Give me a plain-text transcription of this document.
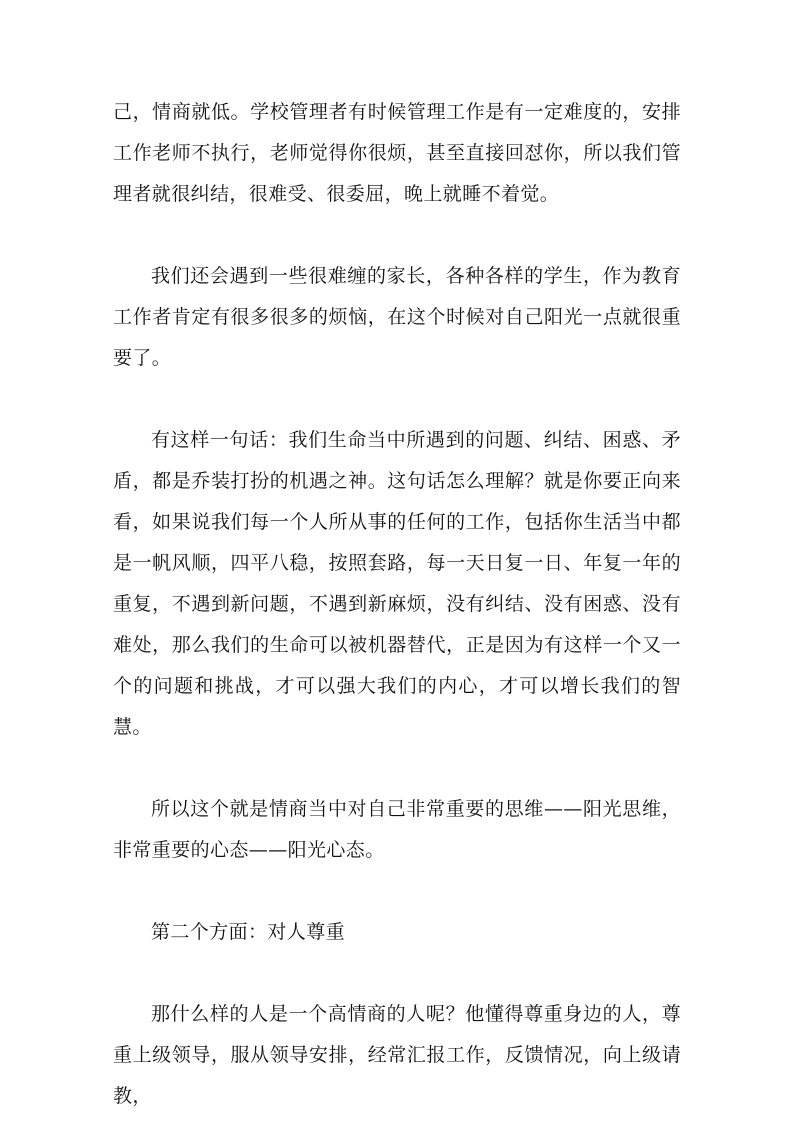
己，情商就低。学校管理者有时候管理工作是有一定难度的，安排工作老师不执行，老师觉得你很烦，甚至直接回怼你，所以我们管理者就很纠结，很难受、很委屈，晚上就睡不着觉。

我们还会遇到一些很难缠的家长，各种各样的学生，作为教育工作者肯定有很多很多的烦恼，在这个时候对自己阳光一点就很重要了。

有这样一句话：我们生命当中所遇到的问题、纠结、困惑、矛盾，都是乔装打扮的机遇之神。这句话怎么理解？就是你要正向来看，如果说我们每一个人所从事的任何的工作，包括你生活当中都是一帆风顺，四平八稳，按照套路，每一天日复一日、年复一年的重复，不遇到新问题，不遇到新麻烦，没有纠结、没有困惑、没有难处，那么我们的生命可以被机器替代，正是因为有这样一个又一个的问题和挑战，才可以强大我们的内心，才可以增长我们的智慧。

所以这个就是情商当中对自己非常重要的思维——阳光思维，非常重要的心态——阳光心态。

第二个方面：对人尊重

那什么样的人是一个高情商的人呢？他懂得尊重身边的人，尊重上级领导，服从领导安排，经常汇报工作，反馈情况，向上级请教，
